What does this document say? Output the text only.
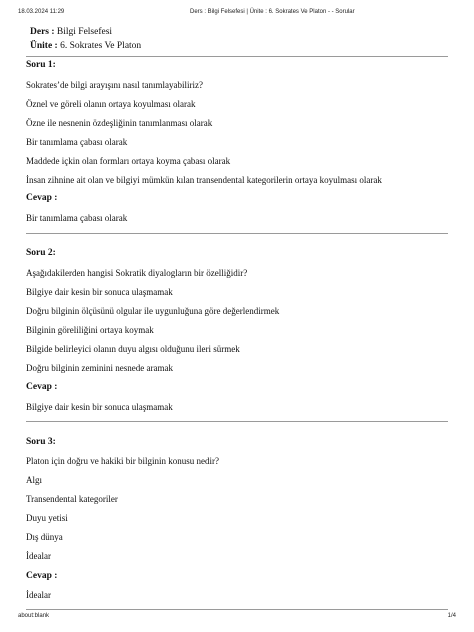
18.03.2024 11:29	Ders : Bilgi Felsefesi | Ünite : 6. Sokrates Ve Platon - - Sorular
Ders : Bilgi Felsefesi
Ünite : 6. Sokrates Ve Platon
Soru 1:
Sokrates’de bilgi arayışını nasıl tanımlayabiliriz?
Öznel ve göreli olanın ortaya koyulması olarak
Özne ile nesnenin özdeşliğinin tanımlanması olarak
Bir tanımlama çabası olarak
Maddede içkin olan formları ortaya koyma çabası olarak
İnsan zihnine ait olan ve bilgiyi mümkün kılan transendental kategorilerin ortaya koyulması olarak
Cevap :
Bir tanımlama çabası olarak
Soru 2:
Aşağıdakilerden hangisi Sokratik diyalogların bir özelliğidir?
Bilgiye dair kesin bir sonuca ulaşmamak
Doğru bilginin ölçüsünü olgular ile uygunluğuna göre değerlendirmek
Bilginin göreliliğini ortaya koymak
Bilgide belirleyici olanın duyu algısı olduğunu ileri sürmek
Doğru bilginin zeminini nesnede aramak
Cevap :
Bilgiye dair kesin bir sonuca ulaşmamak
Soru 3:
Platon için doğru ve hakiki bir bilginin konusu nedir?
Algı
Transendental kategoriler
Duyu yetisi
Dış dünya
İdealar
Cevap :
İdealar
about:blank	1/4
